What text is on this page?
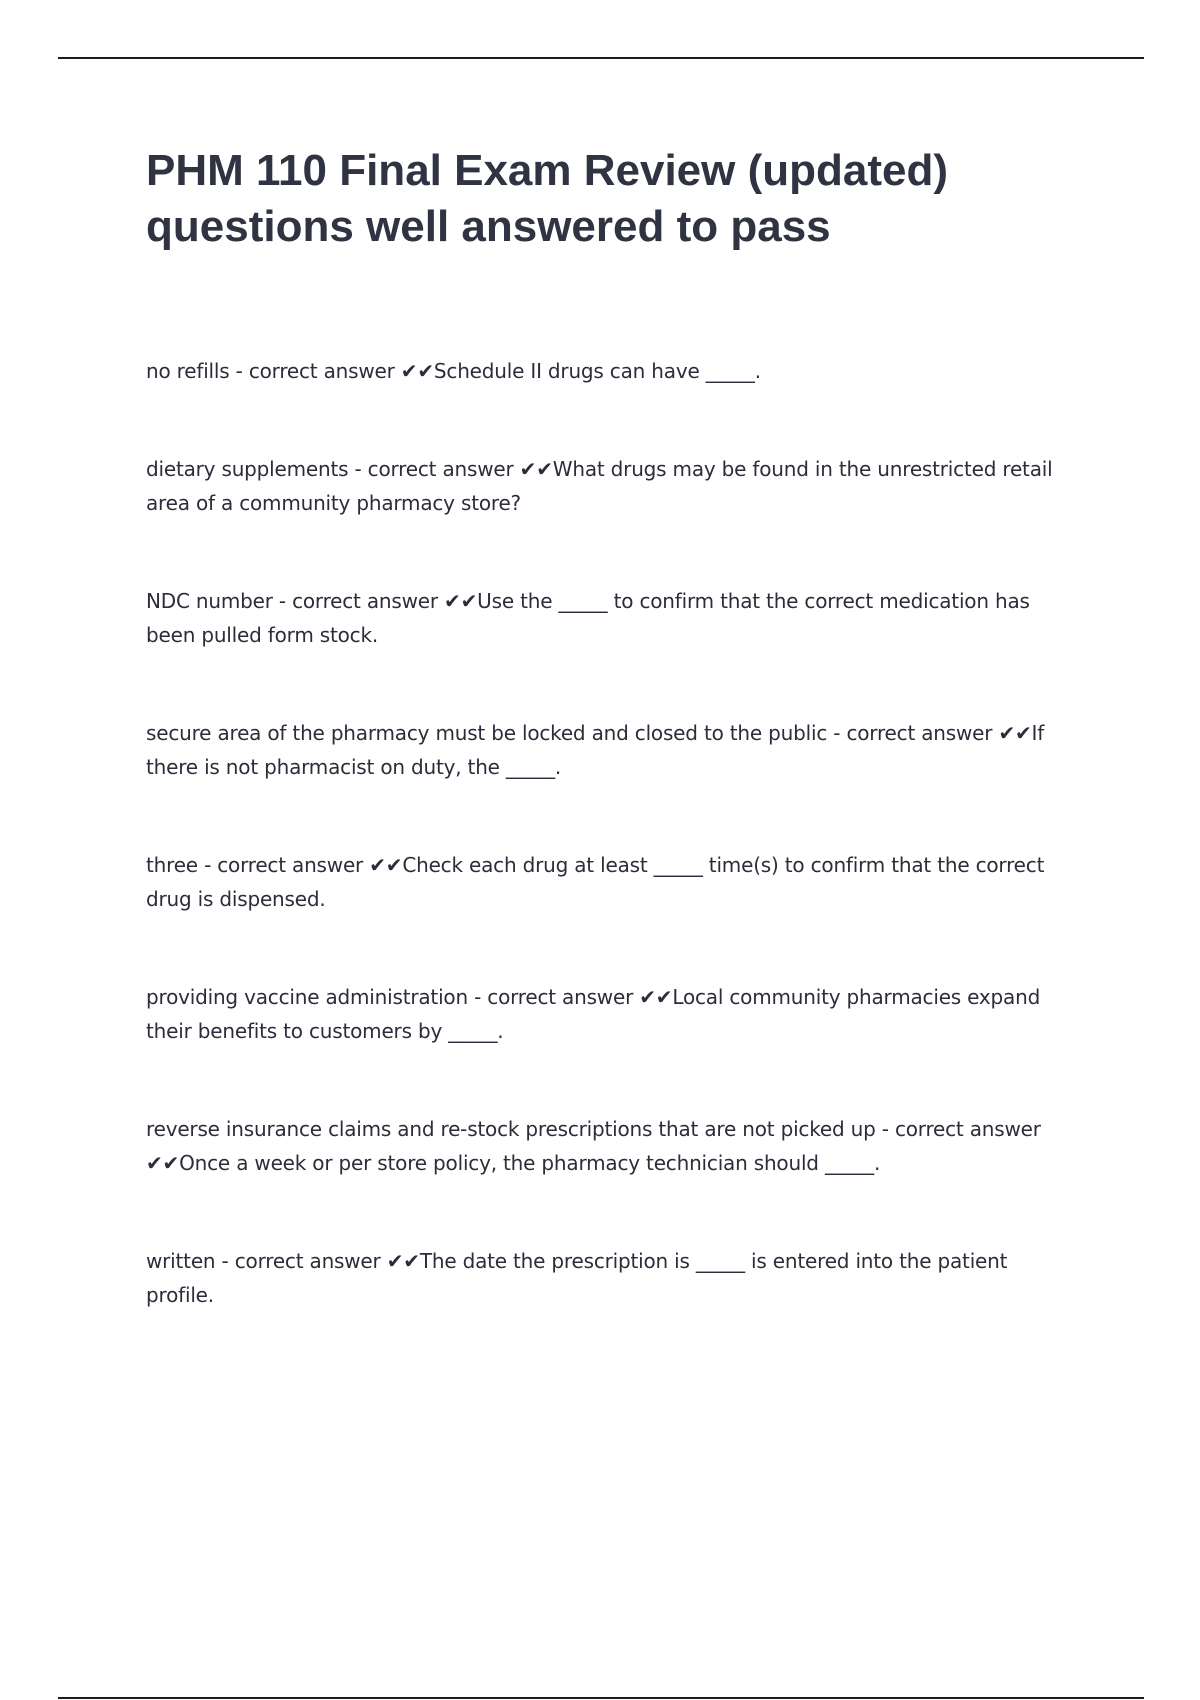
PHM 110 Final Exam Review (updated) questions well answered to pass

no refills - correct answer ✔✔Schedule II drugs can have _____.

dietary supplements - correct answer ✔✔What drugs may be found in the unrestricted retail area of a community pharmacy store?

NDC number - correct answer ✔✔Use the _____ to confirm that the correct medication has been pulled form stock.

secure area of the pharmacy must be locked and closed to the public - correct answer ✔✔If there is not pharmacist on duty, the _____.

three - correct answer ✔✔Check each drug at least _____ time(s) to confirm that the correct drug is dispensed.

providing vaccine administration - correct answer ✔✔Local community pharmacies expand their benefits to customers by _____.

reverse insurance claims and re-stock prescriptions that are not picked up - correct answer ✔✔Once a week or per store policy, the pharmacy technician should _____.

written - correct answer ✔✔The date the prescription is _____ is entered into the patient profile.
